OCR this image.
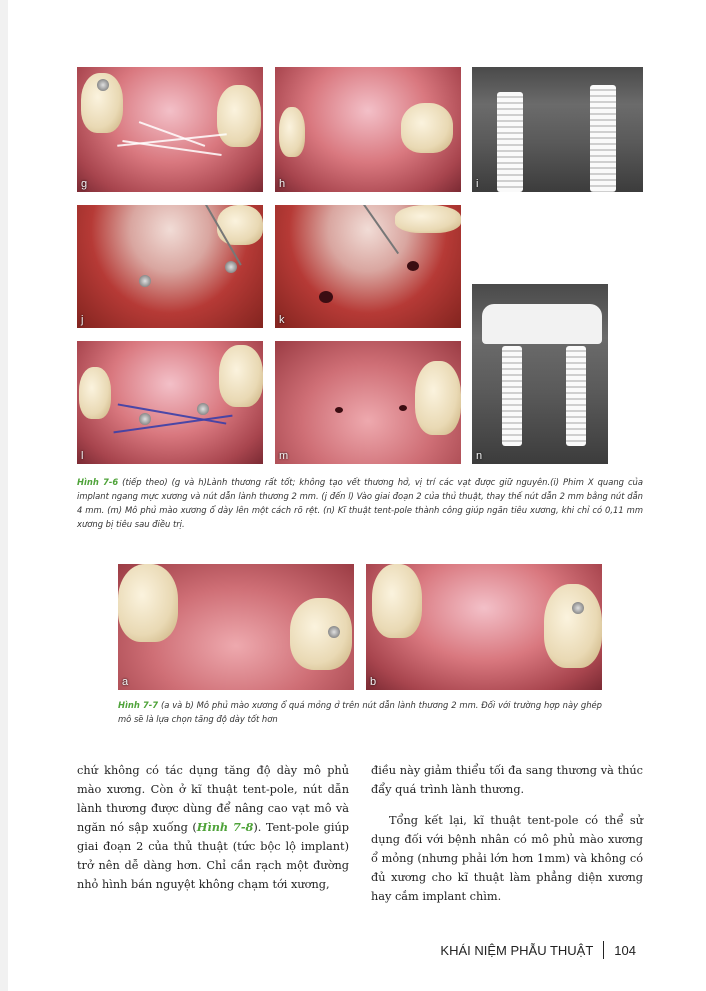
g	h	i
j	k
l	m	n
Hình 7-6 (tiếp theo) (g và h)Lành thương rất tốt; không tạo vết thương hở, vị trí các vạt được giữ nguyên.(i) Phim X quang của implant ngang mực xương và nút dẫn lành thương 2 mm. (j đến l) Vào giai đoạn 2 của thủ thuật, thay thế nút dẫn 2 mm bằng nút dẫn 4 mm. (m) Mô phủ mào xương ổ dày lên một cách rõ rệt. (n) Kĩ thuật tent-pole thành công giúp ngăn tiêu xương, khi chỉ có 0,11 mm xương bị tiêu sau điều trị.
a	b
Hình 7-7 (a và b) Mô phủ mào xương ổ quá mỏng ở trên nút dẫn lành thương 2 mm. Đối với trường hợp này ghép mô sẽ là lựa chọn tăng độ dày tốt hơn

chứ không có tác dụng tăng độ dày mô phủ mào xương. Còn ở kĩ thuật tent-pole, nút dẫn lành thương được dùng để nâng cao vạt mô và ngăn nó sập xuống (Hình 7-8). Tent-pole giúp giai đoạn 2 của thủ thuật (tức bộc lộ implant) trở nên dễ dàng hơn. Chỉ cần rạch một đường nhỏ hình bán nguyệt không chạm tới xương,

điều này giảm thiểu tối đa sang thương và thúc đẩy quá trình lành thương.

Tổng kết lại, kĩ thuật tent-pole có thể sử dụng đối với bệnh nhân có mô phủ mào xương ổ mỏng (nhưng phải lớn hơn 1mm) và không có đủ xương cho kĩ thuật làm phẳng diện xương hay cắm implant chìm.

KHÁI NIỆM PHẪU THUẬT 104
